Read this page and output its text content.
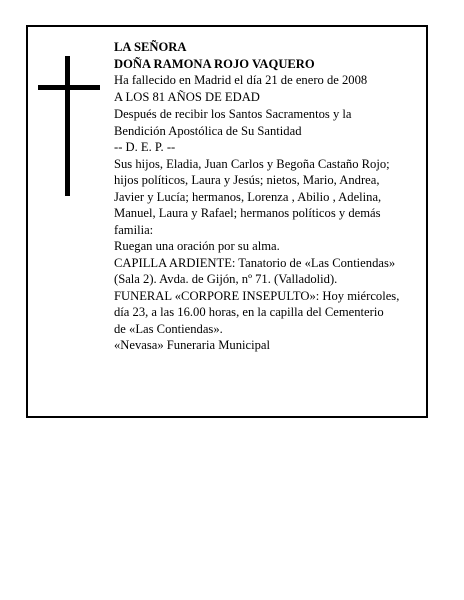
LA SEÑORA
DOÑA RAMONA ROJO VAQUERO
Ha fallecido en Madrid el día 21 de enero de 2008
A LOS 81 AÑOS DE EDAD
Después de recibir los Santos Sacramentos y la
Bendición Apostólica de Su Santidad
-- D. E. P. --
Sus hijos, Eladia, Juan Carlos y Begoña Castaño Rojo;
hijos políticos, Laura y Jesús; nietos, Mario, Andrea,
Javier y Lucía; hermanos, Lorenza , Abilio , Adelina,
Manuel, Laura y Rafael; hermanos políticos y demás
familia:
Ruegan una oración por su alma.
CAPILLA ARDIENTE: Tanatorio de «Las Contiendas»
(Sala 2). Avda. de Gijón, nº 71. (Valladolid).
FUNERAL «CORPORE INSEPULTO»: Hoy miércoles,
día 23, a las 16.00 horas, en la capilla del Cementerio
de «Las Contiendas».
«Nevasa» Funeraria Municipal
